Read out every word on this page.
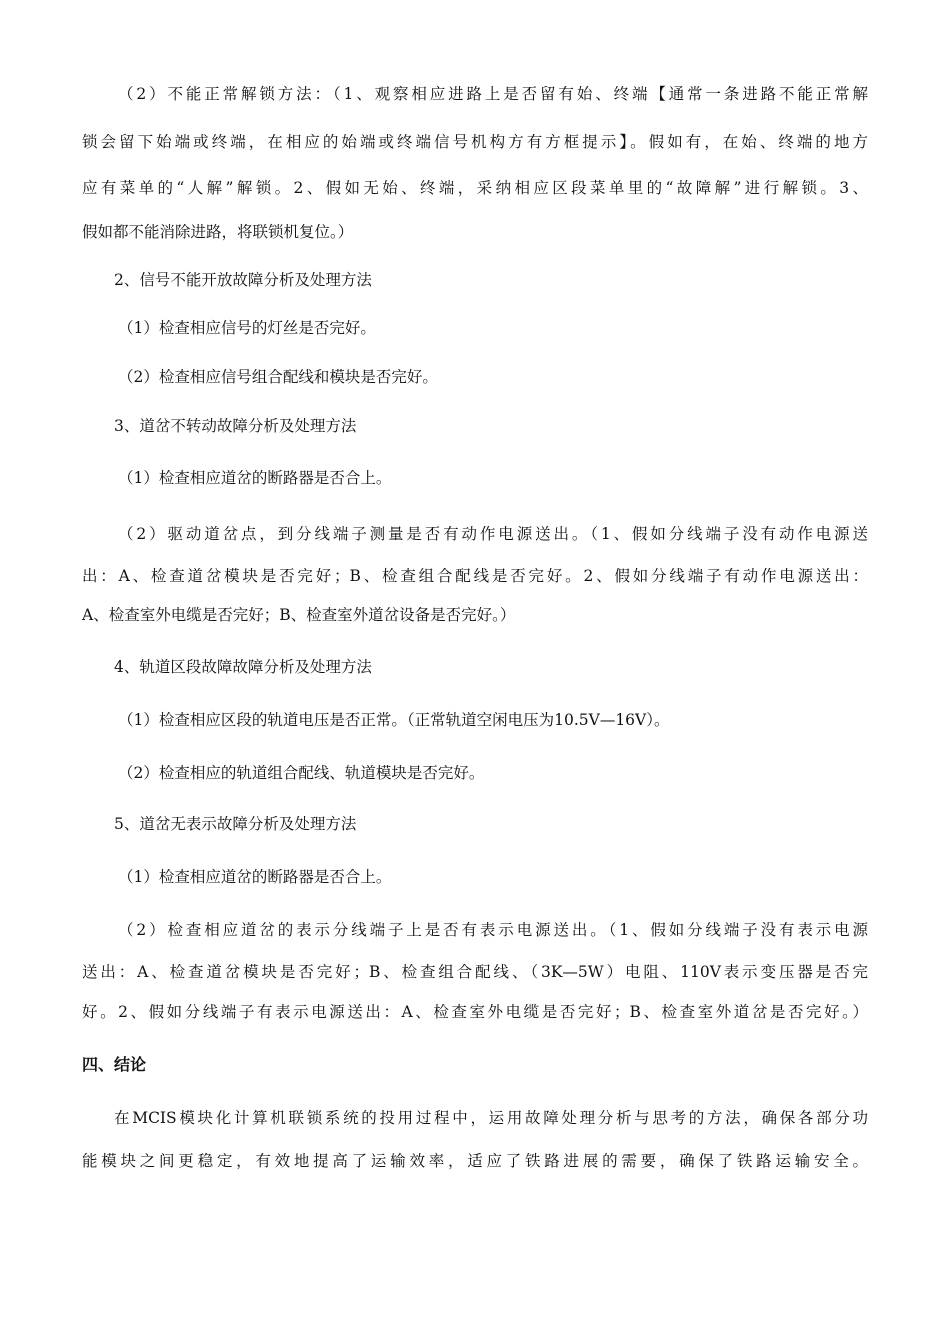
（2）不能正常解锁方法：（1、观察相应进路上是否留有始、终端【通常一条进路不能正常解

锁会留下始端或终端，在相应的始端或终端信号机构方有方框提示】。假如有，在始、终端的地方

应有菜单的“人解”解锁。2、假如无始、终端，采纳相应区段菜单里的“故障解”进行解锁。3、

假如都不能消除进路，将联锁机复位。）

2、信号不能开放故障分析及处理方法

（1）检查相应信号的灯丝是否完好。

（2）检查相应信号组合配线和模块是否完好。

3、道岔不转动故障分析及处理方法

（1）检查相应道岔的断路器是否合上。

（2）驱动道岔点，到分线端子测量是否有动作电源送出。（1、假如分线端子没有动作电源送

出：A、检查道岔模块是否完好；B、检查组合配线是否完好。2、假如分线端子有动作电源送出：

A、检查室外电缆是否完好；B、检查室外道岔设备是否完好。）

4、轨道区段故障故障分析及处理方法

（1）检查相应区段的轨道电压是否正常。（正常轨道空闲电压为10.5V—16V）。

（2）检查相应的轨道组合配线、轨道模块是否完好。

5、道岔无表示故障分析及处理方法

（1）检查相应道岔的断路器是否合上。

（2）检查相应道岔的表示分线端子上是否有表示电源送出。（1、假如分线端子没有表示电源

送出：A、检查道岔模块是否完好；B、检查组合配线、（3K—5W）电阻、110V表示变压器是否完

好。2、假如分线端子有表示电源送出：A、检查室外电缆是否完好；B、检查室外道岔是否完好。）

四、结论

在MCIS模块化计算机联锁系统的投用过程中，运用故障处理分析与思考的方法，确保各部分功

能模块之间更稳定，有效地提高了运输效率，适应了铁路进展的需要，确保了铁路运输安全。
